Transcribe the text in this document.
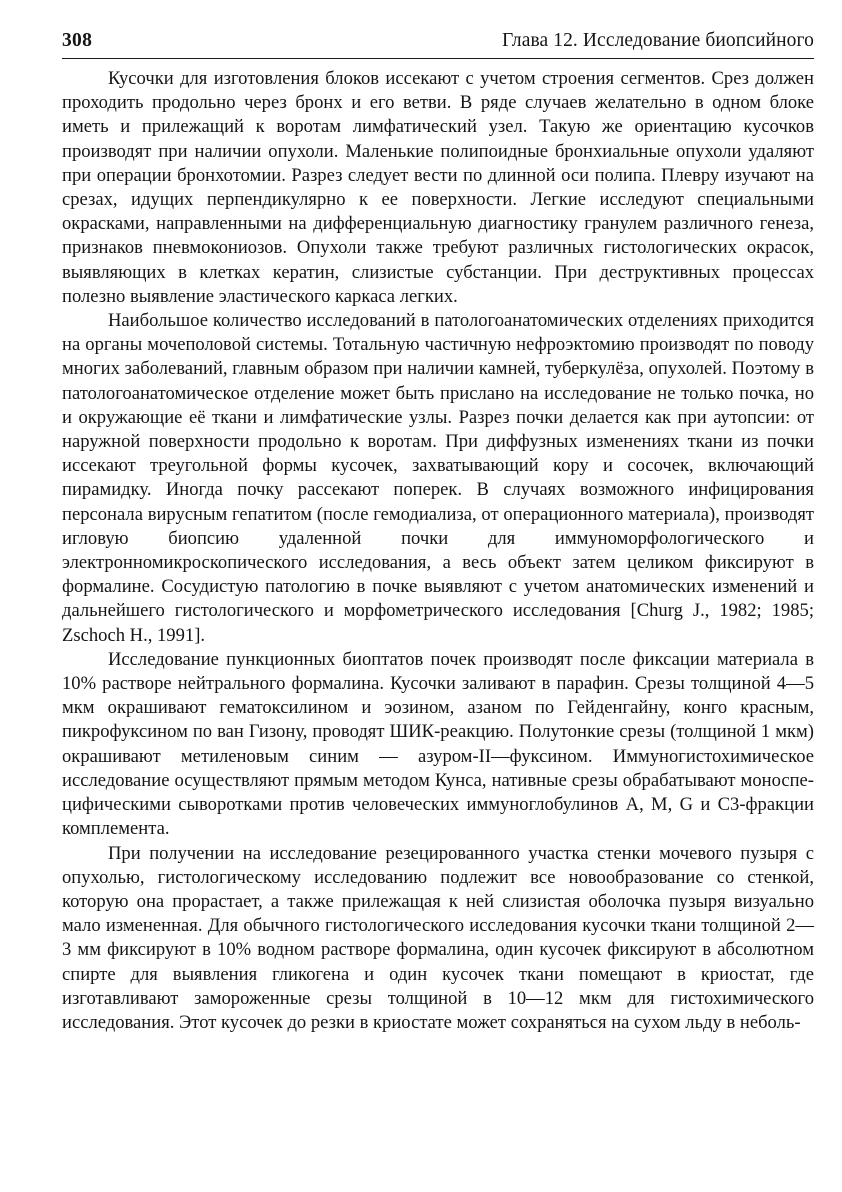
308	Глава 12. Исследование биопсийного

Кусочки для изготовления блоков иссекают с учетом строения сегментов. Срез должен проходить продольно через бронх и его ветви. В ряде случаев желательно в одном блоке иметь и прилежащий к воротам лимфатический узел. Такую же ориентацию кусочков производят при наличии опухоли. Маленькие полипоидные бронхиальные опухоли удаляют при операции бронхотомии. Разрез следует вести по длинной оси полипа. Плевру изучают на срезах, идущих перпендикулярно к ее поверхности. Легкие исследуют специальными окрасками, направленными на дифференциальную диагностику гранулем различного генеза, признаков пневмокониозов. Опухоли также требуют различных гистологических окрасок, выявляющих в клетках кератин, слизистые субстанции. При деструктивных процессах полезно выявление эластического каркаса легких.

Наибольшое количество исследований в патологоанатомических отделениях приходится на органы мочеполовой системы. Тотальную частичную нефроэктомию производят по поводу многих заболеваний, главным образом при наличии камней, туберкулёза, опухолей. Поэтому в патологоанатомическое отделение может быть прислано на исследование не только почка, но и окружающие её ткани и лимфатические узлы. Разрез почки делается как при аутопсии: от наружной поверхности продольно к воротам. При диффузных изменениях ткани из почки иссекают треугольной формы кусочек, захватывающий кору и сосочек, включающий пирамидку. Иногда почку рассекают поперек. В случаях возможного инфицирования персонала вирусным гепатитом (после гемодиализа, от операционного материала), производят игловую биопсию удаленной почки для иммуноморфологического и электронномикроскопического исследования, а весь объект затем целиком фиксируют в формалине. Сосудистую патологию в почке выявляют с учетом анатомических изменений и дальнейшего гистологического и морфометрического исследования [Churg J., 1982; 1985; Zschoch H., 1991].

Исследование пункционных биоптатов почек производят после фиксации материала в 10% растворе нейтрального формалина. Кусочки заливают в парафин. Срезы толщиной 4—5 мкм окрашивают гематоксилином и эозином, азаном по Гейденгайну, конго красным, пикрофуксином по ван Гизону, проводят ШИК-реакцию. Полутонкие срезы (толщиной 1 мкм) окрашивают метиленовым синим — азуром-II—фуксином. Иммуногистохимическое исследование осуществляют прямым методом Кунса, нативные срезы обрабатывают моноспецифическими сыворотками против человеческих иммуноглобулинов A, M, G и С3-фракции комплемента.

При получении на исследование резецированного участка стенки мочевого пузыря с опухолью, гистологическому исследованию подлежит все новообразование со стенкой, которую она прорастает, а также прилежащая к ней слизистая оболочка пузыря визуально мало измененная. Для обычного гистологического исследования кусочки ткани толщиной 2—3 мм фиксируют в 10% водном растворе формалина, один кусочек фиксируют в абсолютном спирте для выявления гликогена и один кусочек ткани помещают в криостат, где изготавливают замороженные срезы толщиной в 10—12 мкм для гистохимического исследования. Этот кусочек до резки в криостате может сохраняться на сухом льду в неболь-
